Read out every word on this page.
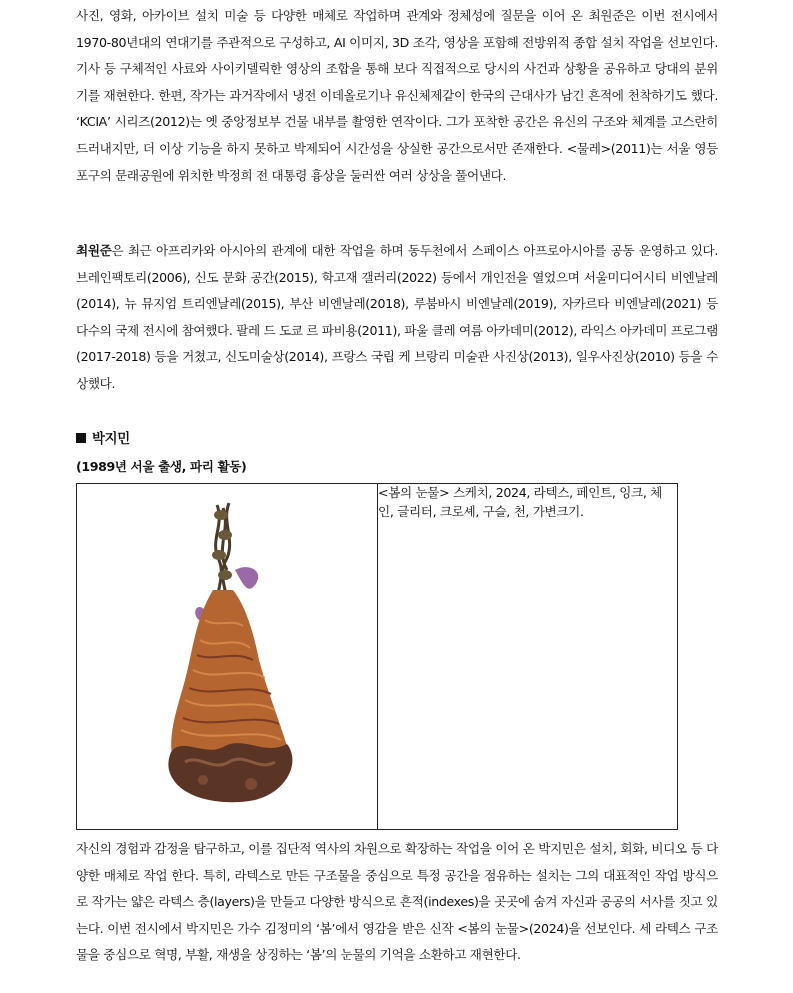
사진, 영화, 아카이브 설치 미술 등 다양한 매체로 작업하며 관계와 정체성에 질문을 이어 온 최원준은 이번 전시에서 1970-80년대의 연대기를 주관적으로 구성하고, AI 이미지, 3D 조각, 영상을 포함해 전방위적 종합 설치 작업을 선보인다. 기사 등 구체적인 사료와 사이키델릭한 영상의 조합을 통해 보다 직접적으로 당시의 사건과 상황을 공유하고 당대의 분위기를 재현한다. 한편, 작가는 과거작에서 냉전 이데올로기나 유신체제같이 한국의 근대사가 남긴 흔적에 천착하기도 했다. ‘KCIA’ 시리즈(2012)는 옛 중앙정보부 건물 내부를 촬영한 연작이다. 그가 포착한 공간은 유신의 구조와 체계를 고스란히 드러내지만, 더 이상 기능을 하지 못하고 박제되어 시간성을 상실한 공간으로서만 존재한다. <물레>(2011)는 서울 영등포구의 문래공원에 위치한 박정희 전 대통령 흉상을 둘러싼 여러 상상을 풀어낸다.

최원준은 최근 아프리카와 아시아의 관계에 대한 작업을 하며 동두천에서 스페이스 아프로아시아를 공동 운영하고 있다. 브레인팩토리(2006), 신도 문화 공간(2015), 학고재 갤러리(2022) 등에서 개인전을 열었으며 서울미디어시티 비엔날레(2014), 뉴 뮤지엄 트리엔날레(2015), 부산 비엔날레(2018), 루붐바시 비엔날레(2019), 자카르타 비엔날레(2021) 등 다수의 국제 전시에 참여했다. 팔레 드 도쿄 르 파비용(2011), 파울 클레 여름 아카데미(2012), 라익스 아카데미 프로그램(2017-2018) 등을 거쳤고, 신도미술상(2014), 프랑스 국립 케 브랑리 미술관 사진상(2013), 일우사진상(2010) 등을 수상했다.

박지민
(1989년 서울 출생, 파리 활동)

<봄의 눈물> 스케치, 2024, 라텍스, 페인트, 잉크, 체인, 글리터, 크로셰, 구슬, 천, 가변크기.

자신의 경험과 감정을 탐구하고, 이를 집단적 역사의 차원으로 확장하는 작업을 이어 온 박지민은 설치, 회화, 비디오 등 다양한 매체로 작업 한다. 특히, 라텍스로 만든 구조물을 중심으로 특정 공간을 점유하는 설치는 그의 대표적인 작업 방식으로 작가는 얇은 라텍스 층(layers)을 만들고 다양한 방식으로 흔적(indexes)을 곳곳에 숨겨 자신과 공공의 서사를 짓고 있는다. 이번 전시에서 박지민은 가수 김정미의 ‘봄’에서 영감을 받은 신작 <봄의 눈물>(2024)을 선보인다. 세 라텍스 구조물을 중심으로 혁명, 부활, 재생을 상징하는 ‘봄’의 눈물의 기억을 소환하고 재현한다.
